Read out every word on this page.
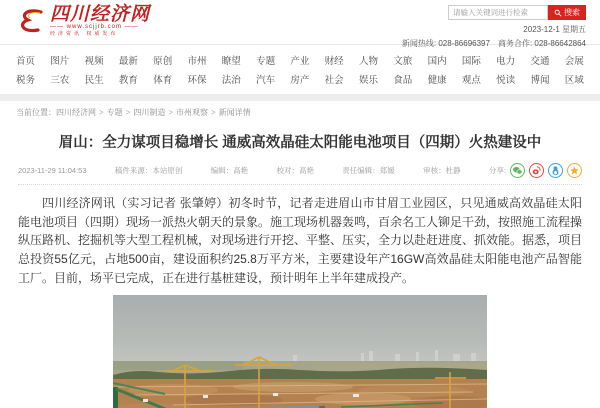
四川经济网
—— www.scjjrb.com ——
经济资讯 权威发布
请输入关键词进行检索
搜索
2023-12-1 星期五
新闻热线: 028-86696397　商务合作: 028-86642864
首页 图片 视频 最新 原创 市州 瞭望 专题 产业 财经 人物 文旅 国内 国际 电力 交通 会展
税务 三农 民生 教育 体育 环保 法治 汽车 房产 社会 娱乐 食品 健康 观点 悦读 博闻 区域
当前位置：四川经济网 > 专题 > 四川制造 > 市州观察 > 新闻详情
眉山：全力谋项目稳增长 通威高效晶硅太阳能电池项目（四期）火热建设中
2023-11-29 11:04:53	稿件来源：本站原创	编辑：高艳	校对：高艳	责任编辑：郑嫒	审核：杜静	分享:

四川经济网讯（实习记者 张肇婷）初冬时节，记者走进眉山市甘眉工业园区，只见通威高效晶硅太阳能电池项目（四期）现场一派热火朝天的景象。施工现场机器轰鸣，百余名工人铆足干劲，按照施工流程操纵压路机、挖掘机等大型工程机械，对现场进行开挖、平整、压实，全力以赴赶进度、抓效能。据悉，项目总投资55亿元，占地500亩，建设面积约25.8万平方米，主要建设年产16GW高效晶硅太阳能电池产品智能工厂。目前，场平已完成，正在进行基桩建设，预计明年上半年建成投产。
